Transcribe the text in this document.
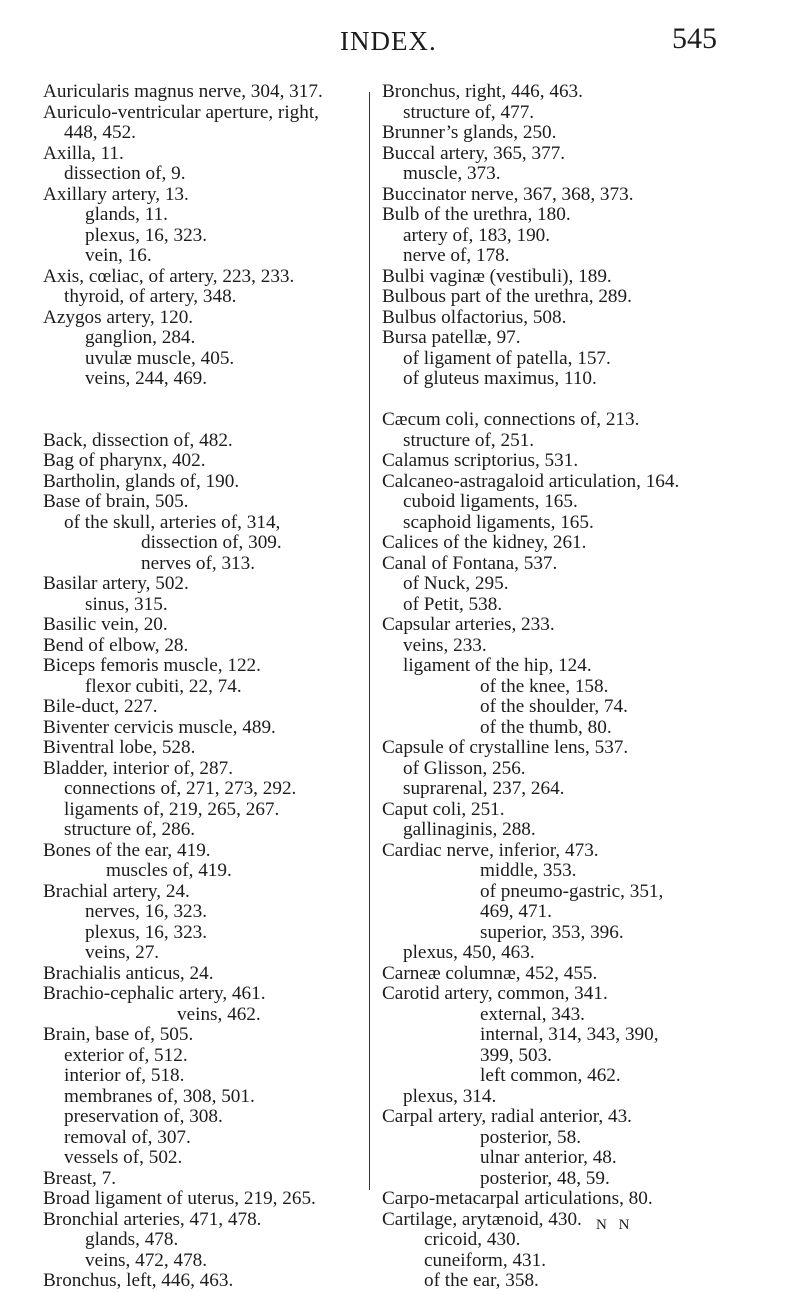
INDEX.	545
Auricularis magnus nerve, 304, 317.
Auriculo-ventricular aperture, right,
448, 452.
Axilla, 11.
dissection of, 9.
Axillary artery, 13.
glands, 11.
plexus, 16, 323.
vein, 16.
Axis, cœliac, of artery, 223, 233.
thyroid, of artery, 348.
Azygos artery, 120.
ganglion, 284.
uvulæ muscle, 405.
veins, 244, 469.

Back, dissection of, 482.
Bag of pharynx, 402.
Bartholin, glands of, 190.
Base of brain, 505.
of the skull, arteries of, 314,
dissection of, 309.
nerves of, 313.
Basilar artery, 502.
sinus, 315.
Basilic vein, 20.
Bend of elbow, 28.
Biceps femoris muscle, 122.
flexor cubiti, 22, 74.
Bile-duct, 227.
Biventer cervicis muscle, 489.
Biventral lobe, 528.
Bladder, interior of, 287.
connections of, 271, 273, 292.
ligaments of, 219, 265, 267.
structure of, 286.
Bones of the ear, 419.
muscles of, 419.
Brachial artery, 24.
nerves, 16, 323.
plexus, 16, 323.
veins, 27.
Brachialis anticus, 24.
Brachio-cephalic artery, 461.
veins, 462.
Brain, base of, 505.
exterior of, 512.
interior of, 518.
membranes of, 308, 501.
preservation of, 308.
removal of, 307.
vessels of, 502.
Breast, 7.
Broad ligament of uterus, 219, 265.
Bronchial arteries, 471, 478.
glands, 478.
veins, 472, 478.
Bronchus, left, 446, 463.
Bronchus, right, 446, 463.
structure of, 477.
Brunner’s glands, 250.
Buccal artery, 365, 377.
muscle, 373.
Buccinator nerve, 367, 368, 373.
Bulb of the urethra, 180.
artery of, 183, 190.
nerve of, 178.
Bulbi vaginæ (vestibuli), 189.
Bulbous part of the urethra, 289.
Bulbus olfactorius, 508.
Bursa patellæ, 97.
of ligament of patella, 157.
of gluteus maximus, 110.

Cæcum coli, connections of, 213.
structure of, 251.
Calamus scriptorius, 531.
Calcaneo-astragaloid articulation, 164.
cuboid ligaments, 165.
scaphoid ligaments, 165.
Calices of the kidney, 261.
Canal of Fontana, 537.
of Nuck, 295.
of Petit, 538.
Capsular arteries, 233.
veins, 233.
ligament of the hip, 124.
of the knee, 158.
of the shoulder, 74.
of the thumb, 80.
Capsule of crystalline lens, 537.
of Glisson, 256.
suprarenal, 237, 264.
Caput coli, 251.
gallinaginis, 288.
Cardiac nerve, inferior, 473.
middle, 353.
of pneumo-gastric, 351,
469, 471.
superior, 353, 396.
plexus, 450, 463.
Carneæ columnæ, 452, 455.
Carotid artery, common, 341.
external, 343.
internal, 314, 343, 390,
399, 503.
left common, 462.
plexus, 314.
Carpal artery, radial anterior, 43.
posterior, 58.
ulnar anterior, 48.
posterior, 48, 59.
Carpo-metacarpal articulations, 80.
Cartilage, arytænoid, 430.
cricoid, 430.
cuneiform, 431.
of the ear, 358.
N N
